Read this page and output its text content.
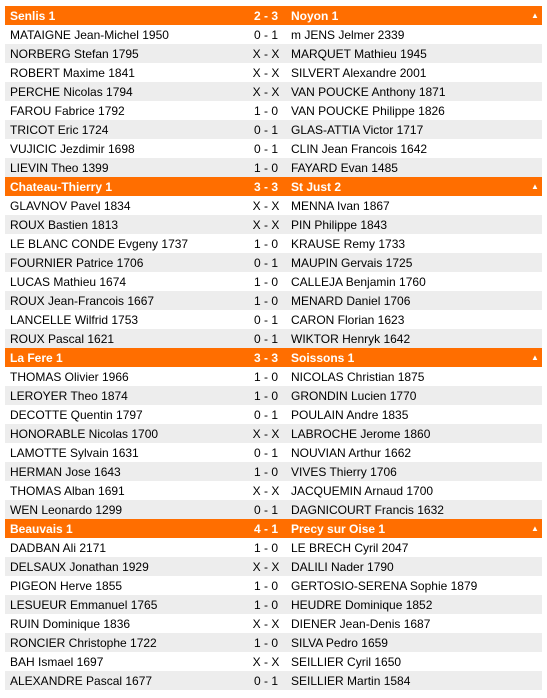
Senlis 1	2 - 3	Noyon 1	▲
MATAIGNE Jean-Michel 1950	0 - 1	m JENS Jelmer 2339
NORBERG Stefan 1795	X - X MARQUET Mathieu 1945
ROBERT Maxime 1841	X - X SILVERT Alexandre 2001
PERCHE Nicolas 1794	X - X VAN POUCKE Anthony 1871
FAROU Fabrice 1792	1 - 0	VAN POUCKE Philippe 1826
TRICOT Eric 1724	0 - 1	GLAS-ATTIA Victor 1717
VUJICIC Jezdimir 1698	0 - 1	CLIN Jean Francois 1642
LIEVIN Theo 1399	1 - 0	FAYARD Evan 1485
Chateau-Thierry 1	3 - 3	St Just 2	▲
GLAVNOV Pavel 1834	X - X MENNA Ivan 1867
ROUX Bastien 1813	X - X PIN Philippe 1843
LE BLANC CONDE Evgeny 1737	1 - 0	KRAUSE Remy 1733
FOURNIER Patrice 1706	0 - 1	MAUPIN Gervais 1725
LUCAS Mathieu 1674	1 - 0	CALLEJA Benjamin 1760
ROUX Jean-Francois 1667	1 - 0	MENARD Daniel 1706
LANCELLE Wilfrid 1753	0 - 1	CARON Florian 1623
ROUX Pascal 1621	0 - 1	WIKTOR Henryk 1642
La Fere 1	3 - 3	Soissons 1	▲
THOMAS Olivier 1966	1 - 0	NICOLAS Christian 1875
LEROYER Theo 1874	1 - 0	GRONDIN Lucien 1770
DECOTTE Quentin 1797	0 - 1	POULAIN Andre 1835
HONORABLE Nicolas 1700	X - X LABROCHE Jerome 1860
LAMOTTE Sylvain 1631	0 - 1	NOUVIAN Arthur 1662
HERMAN Jose 1643	1 - 0	VIVES Thierry 1706
THOMAS Alban 1691	X - X JACQUEMIN Arnaud 1700
WEN Leonardo 1299	0 - 1	DAGNICOURT Francis 1632
Beauvais 1	4 - 1	Precy sur Oise 1	▲
DADBAN Ali 2171	1 - 0	LE BRECH Cyril 2047
DELSAUX Jonathan 1929	X - X DALILI Nader 1790
PIGEON Herve 1855	1 - 0	GERTOSIO-SERENA Sophie 1879
LESUEUR Emmanuel 1765	1 - 0	HEUDRE Dominique 1852
RUIN Dominique 1836	X - X DIENER Jean-Denis 1687
RONCIER Christophe 1722	1 - 0	SILVA Pedro 1659
BAH Ismael 1697	X - X SEILLIER Cyril 1650
ALEXANDRE Pascal 1677	0 - 1	SEILLIER Martin 1584
